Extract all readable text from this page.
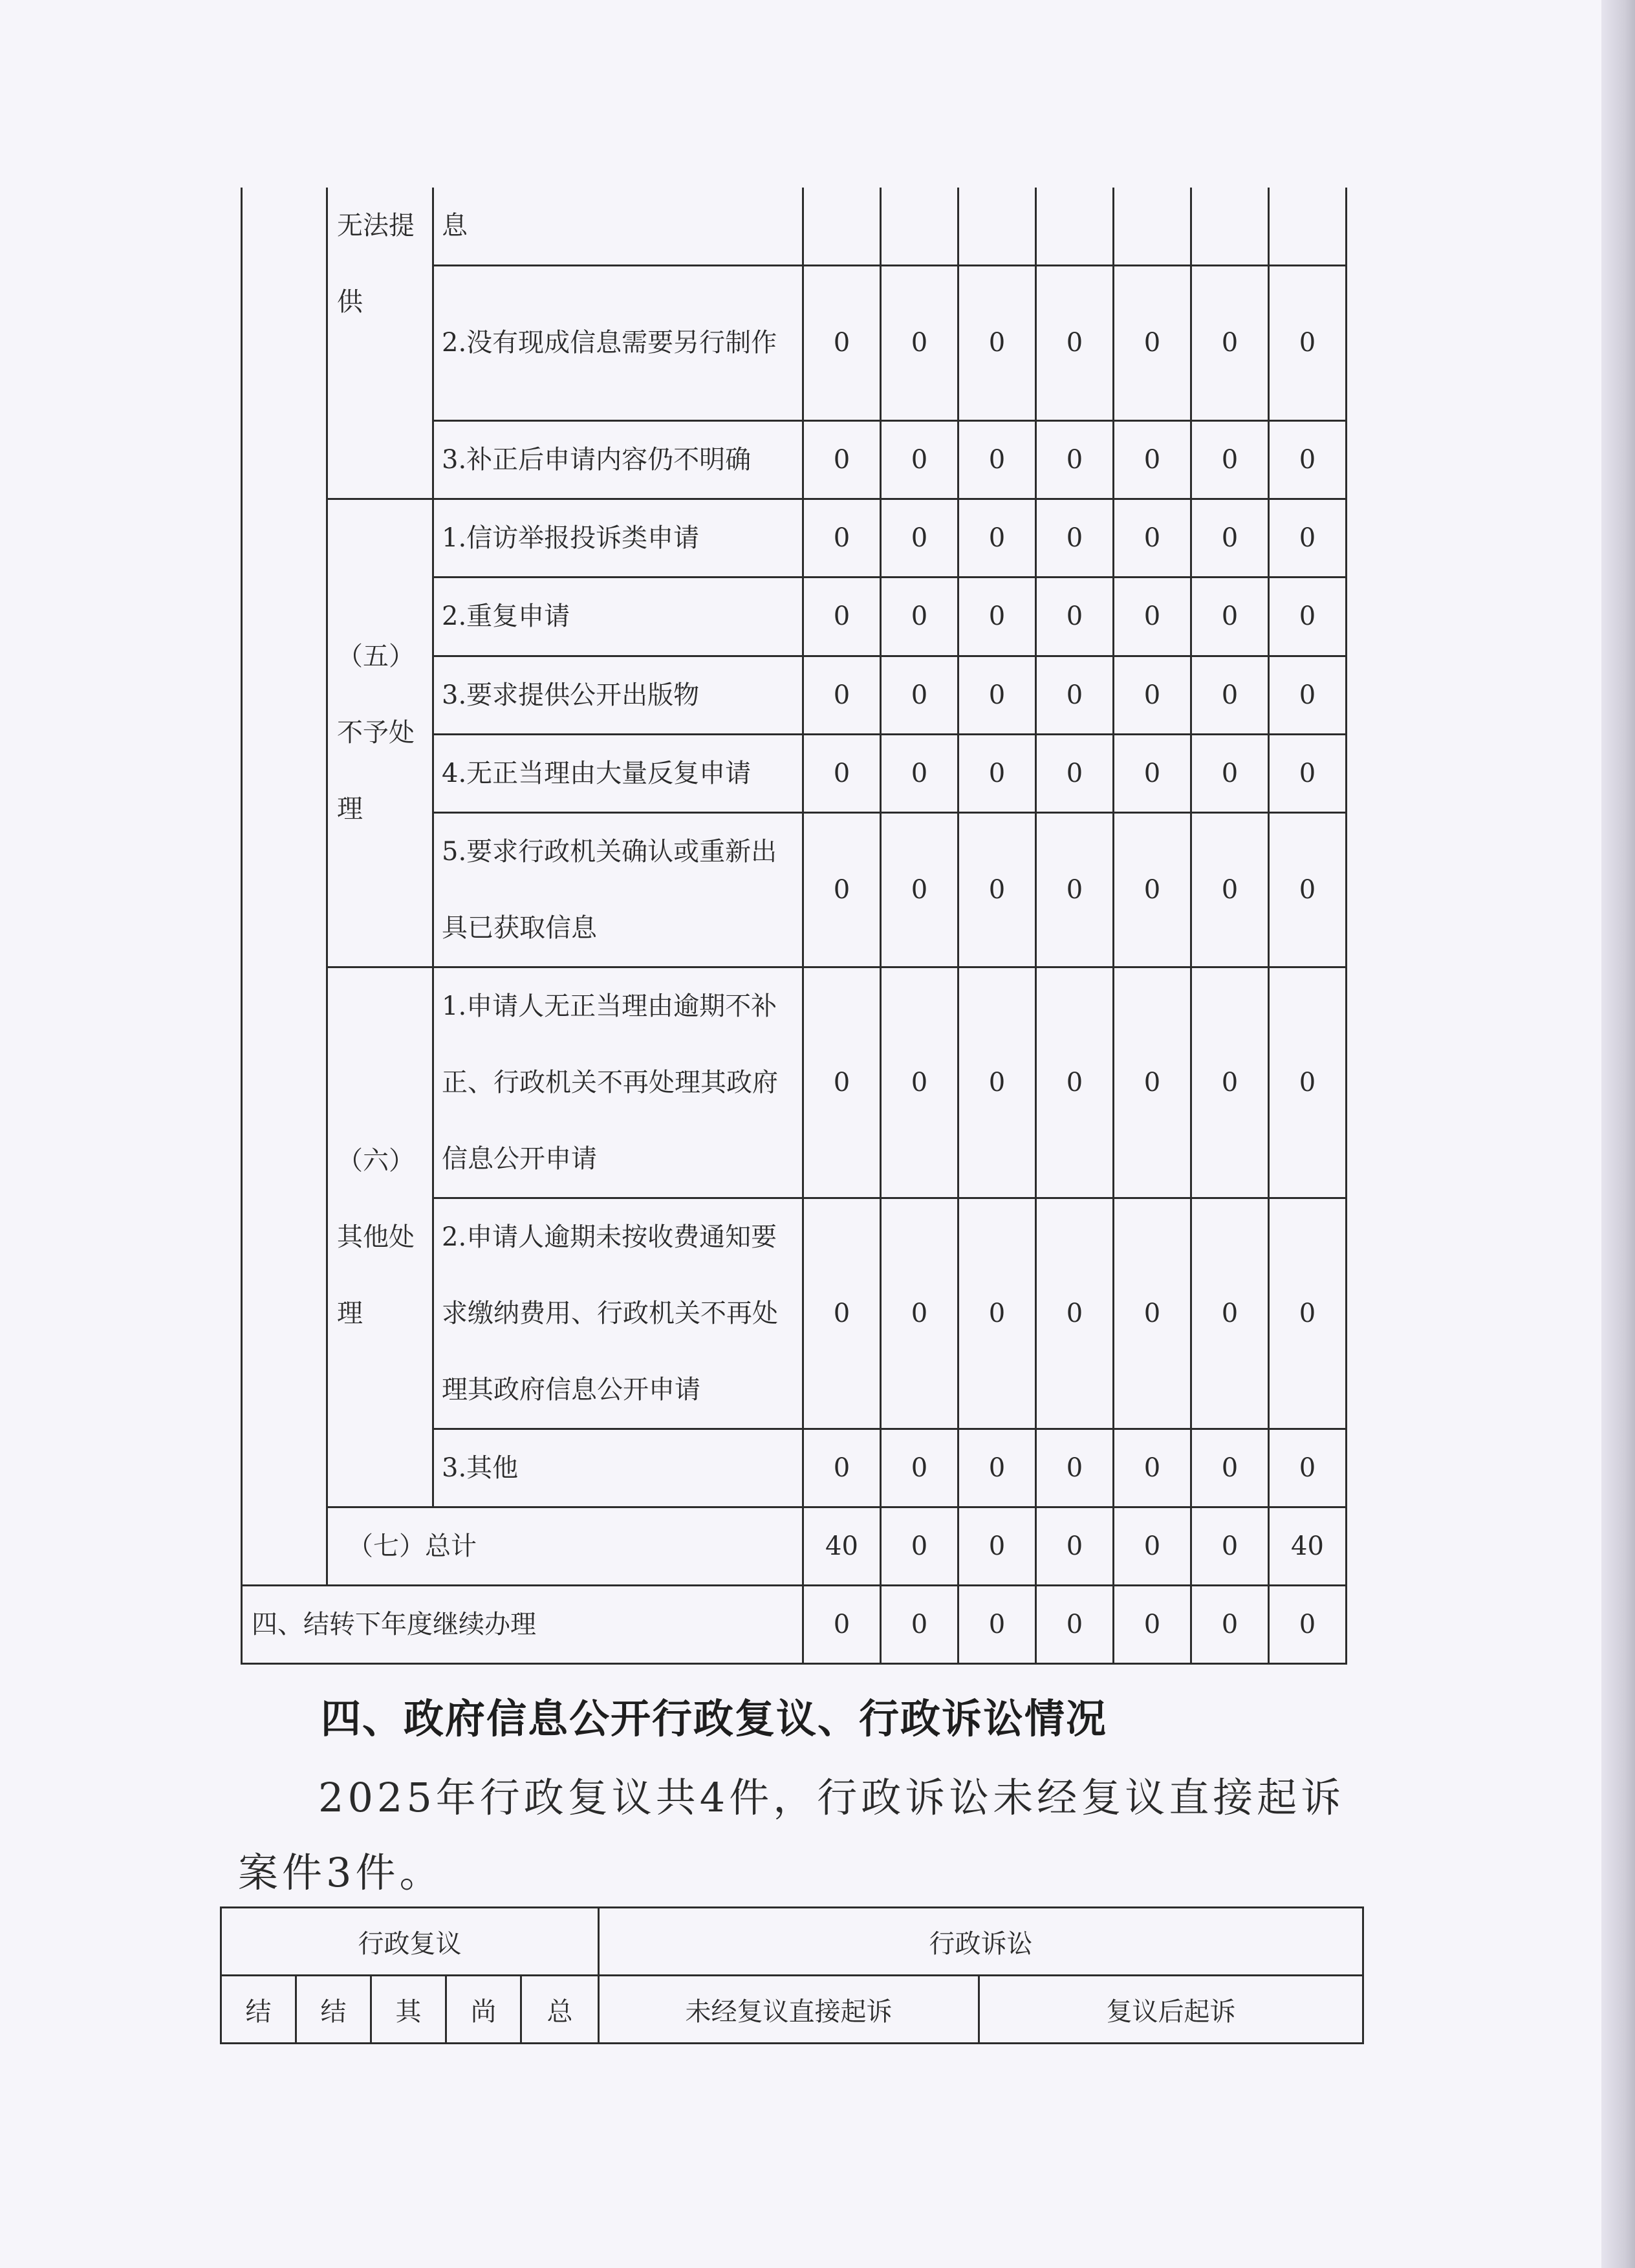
	无法提供	息							
		2.没有现成信息需要另行制作	0	0	0	0	0	0	0
		3.补正后申请内容仍不明确	0	0	0	0	0	0	0
	（五）不予处理	1.信访举报投诉类申请	0	0	0	0	0	0	0
		2.重复申请	0	0	0	0	0	0	0
		3.要求提供公开出版物	0	0	0	0	0	0	0
		4.无正当理由大量反复申请	0	0	0	0	0	0	0
		5.要求行政机关确认或重新出具已获取信息	0	0	0	0	0	0	0
	（六）其他处理	1.申请人无正当理由逾期不补正、行政机关不再处理其政府信息公开申请	0	0	0	0	0	0	0
		2.申请人逾期未按收费通知要求缴纳费用、行政机关不再处理其政府信息公开申请	0	0	0	0	0	0	0
		3.其他	0	0	0	0	0	0	0
	（七）总计		40	0	0	0	0	0	40
四、结转下年度继续办理			0	0	0	0	0	0	0
四、政府信息公开行政复议、行政诉讼情况

2025年行政复议共4件，行政诉讼未经复议直接起诉案件3件。

行政复议					行政诉讼	
结	结	其	尚	总	未经复议直接起诉	复议后起诉
